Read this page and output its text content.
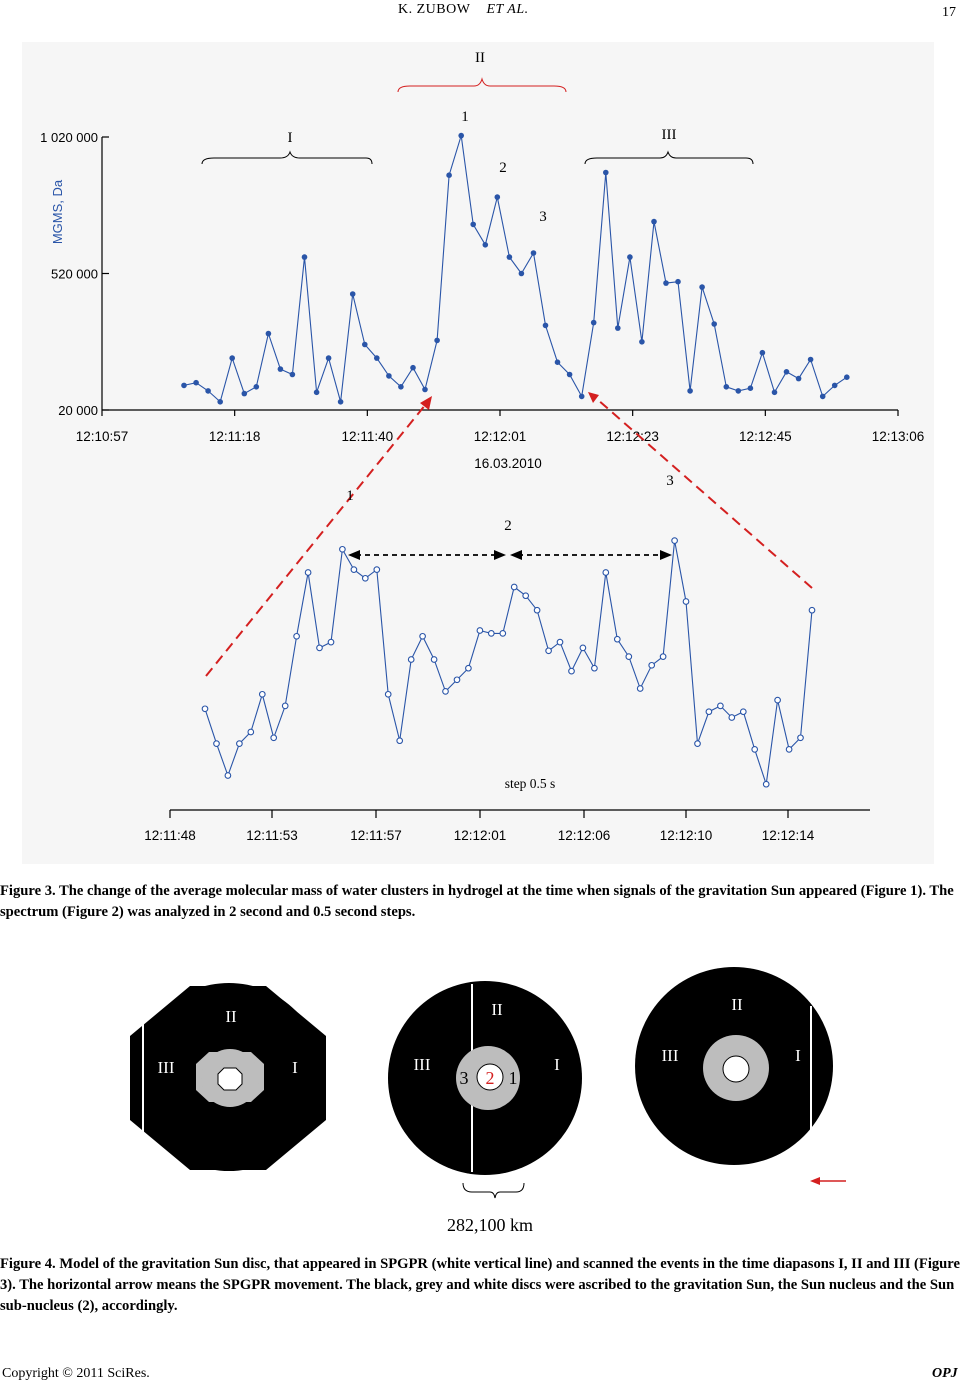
K. ZUBOW ET AL.	17
1 020 000
520 000
20 000
12:10:57	12:11:18	12:11:40	12:12:01	12:12:23	12:12:45	12:13:06
MGMS, Da
16.03.2010
I
II
III
1
2
3
12:11:48	12:11:53	12:11:57	12:12:01	12:12:06	12:12:10	12:12:14
1
2
3
step 0.5 s
Figure 3. The change of the average molecular mass of water clusters in hydrogel at the time when signals of the gravitation Sun appeared (Figure 1). The spectrum (Figure 2) was analyzed in 2 second and 0.5 second steps.
II
III	I
II
III	I
3 2 1
II
III	I
282,100 km
Figure 4. Model of the gravitation Sun disc, that appeared in SPGPR (white vertical line) and scanned the events in the time diapasons I, II and III (Figure 3). The horizontal arrow means the SPGPR movement. The black, grey and white discs were ascribed to the gravitation Sun, the Sun nucleus and the Sun sub-nucleus (2), accordingly.
Copyright © 2011 SciRes.	OPJ
